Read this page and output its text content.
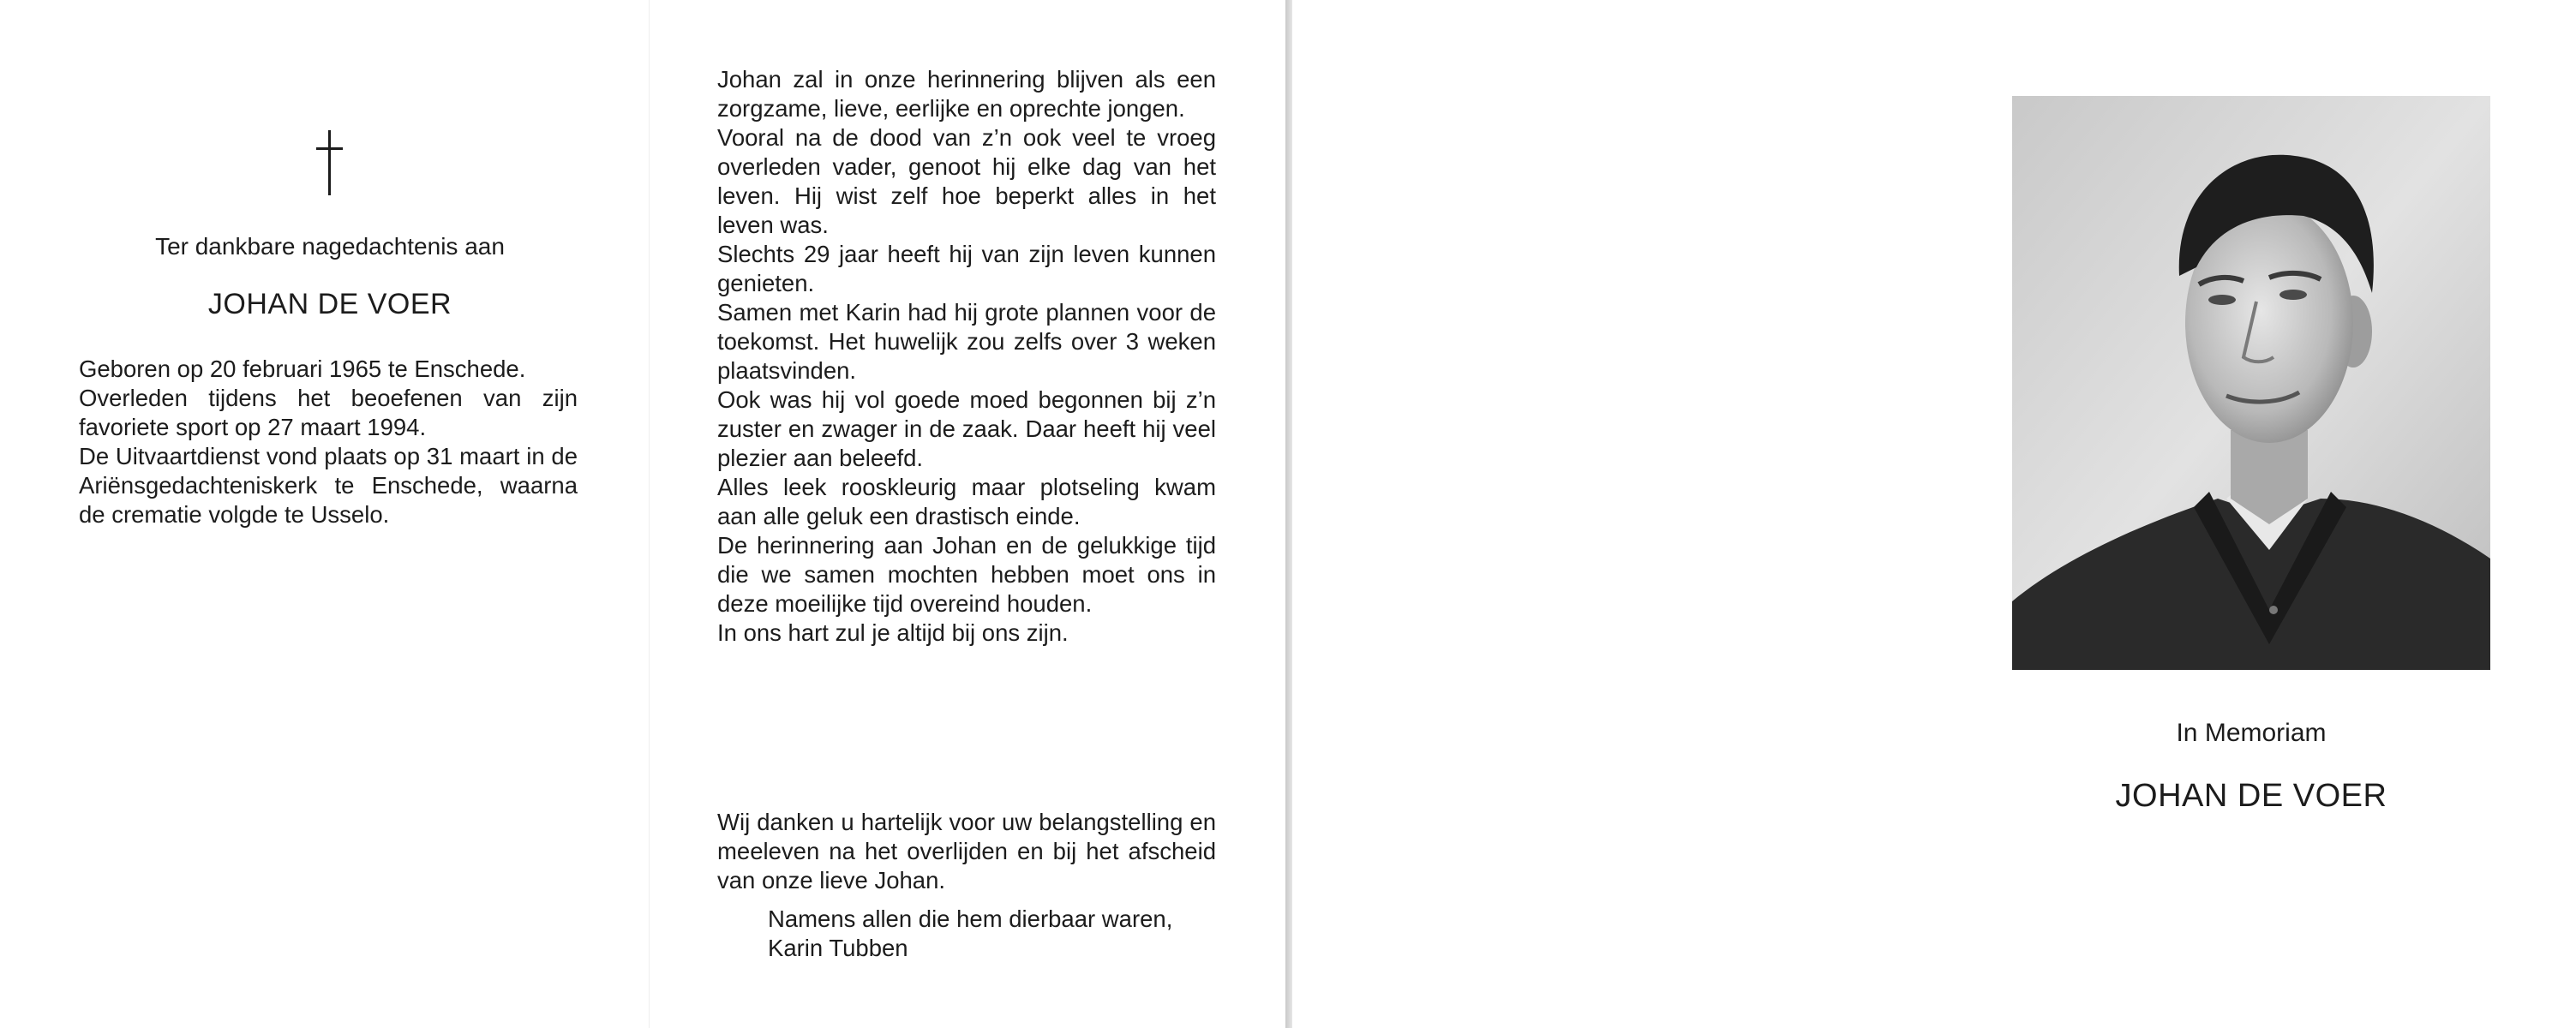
Ter dankbare nagedachtenis aan
JOHAN DE VOER
Geboren op 20 februari 1965 te Enschede.
Overleden tijdens het beoefenen van zijn favoriete sport op 27 maart 1994.
De Uitvaartdienst vond plaats op 31 maart in de Ariënsgedachteniskerk te Enschede, waarna de crematie volgde te Usselo.
Johan zal in onze herinnering blijven als een zorgzame, lieve, eerlijke en oprechte jongen.
Vooral na de dood van z’n ook veel te vroeg overleden vader, genoot hij elke dag van het leven. Hij wist zelf hoe beperkt alles in het leven was.
Slechts 29 jaar heeft hij van zijn leven kunnen genieten.
Samen met Karin had hij grote plannen voor de toekomst. Het huwelijk zou zelfs over 3 weken plaatsvinden.
Ook was hij vol goede moed begonnen bij z’n zuster en zwager in de zaak. Daar heeft hij veel plezier aan beleefd.
Alles leek rooskleurig maar plotseling kwam aan alle geluk een drastisch einde.
De herinnering aan Johan en de gelukkige tijd die we samen mochten hebben moet ons in deze moeilijke tijd overeind houden.
In ons hart zul je altijd bij ons zijn.
Wij danken u hartelijk voor uw belangstelling en meeleven na het overlijden en bij het afscheid van onze lieve Johan.
Namens allen die hem dierbaar waren,
Karin Tubben
In Memoriam
JOHAN DE VOER
